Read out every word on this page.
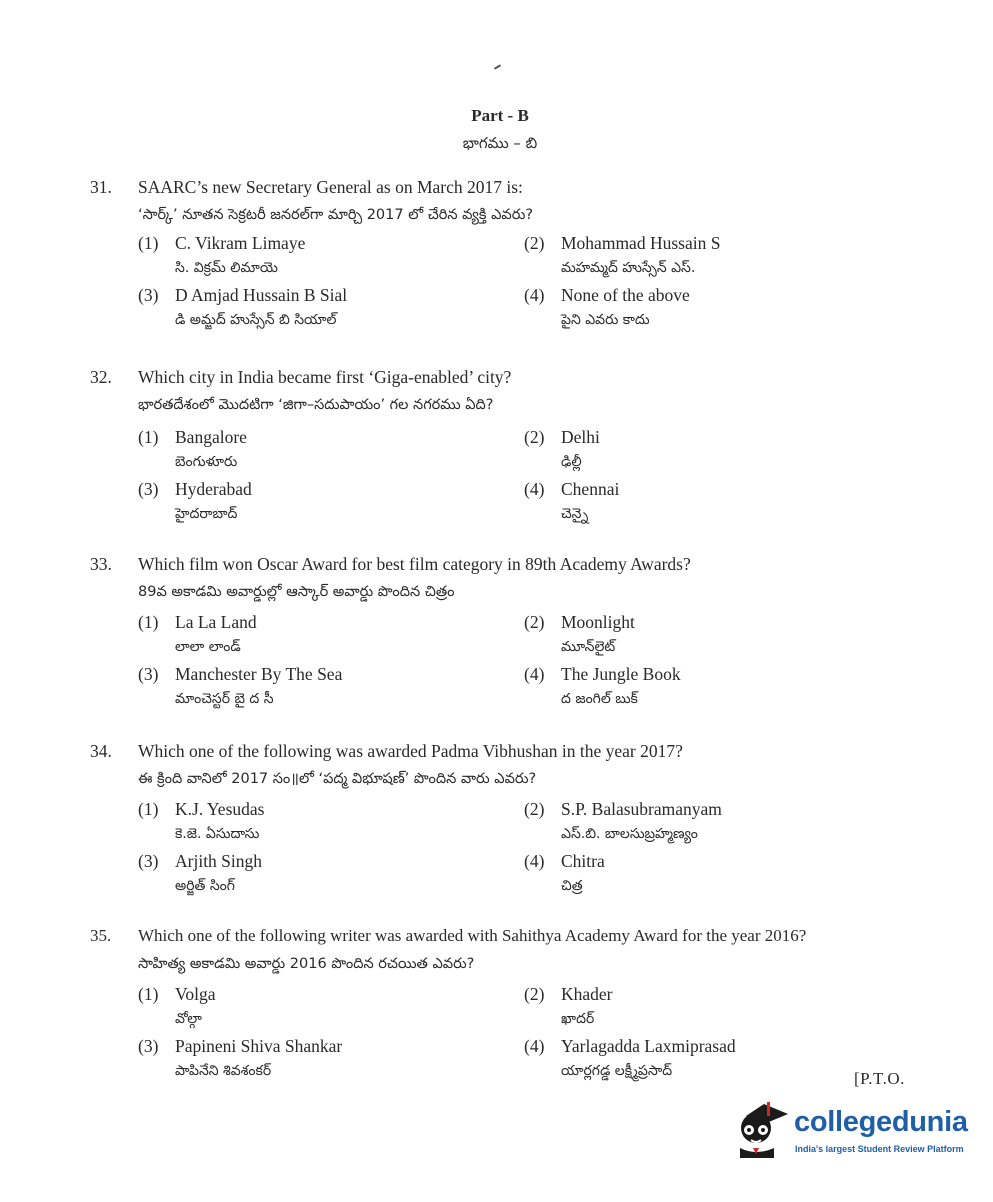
Part - B
భాగము – బి
31.	SAARC’s new Secretary General as on March 2017 is:
‘సార్క్’ నూతన సెక్రటరీ జనరల్‌గా మార్చి 2017 లో చేరిన వ్యక్తి ఎవరు?
(1) C. Vikram Limaye
సి. విక్రమ్ లిమాయె
(2) Mohammad Hussain S
మహమ్మద్ హుస్సేన్ ఎస్.
(3) D Amjad Hussain B Sial
డి అమ్జద్ హుస్సేన్ బి సియాల్
(4) None of the above
పైని ఎవరు కాదు
32.	Which city in India became first ‘Giga-enabled’ city?
భారతదేశంలో మొదటిగా ‘జిగా–సదుపాయం’ గల నగరము ఏది?
(1) Bangalore
బెంగుళూరు
(2) Delhi
ఢిల్లీ
(3) Hyderabad
హైదరాబాద్
(4) Chennai
చెన్నై
33.	Which film won Oscar Award for best film category in 89th Academy Awards?
89వ అకాడమి అవార్డుల్లో ఆస్కార్ అవార్డు పొందిన చిత్రం
(1) La La Land
లాలా లాండ్
(2) Moonlight
మూన్‌లైట్
(3) Manchester By The Sea
మాంచెస్టర్ బై ద సీ
(4) The Jungle Book
ద జంగిల్ బుక్
34.	Which one of the following was awarded Padma Vibhushan in the year 2017?
ఈ క్రింది వానిలో 2017 సం॥లో ‘పద్మ విభూషణ్’ పొందిన వారు ఎవరు?
(1) K.J. Yesudas
కె.జె. ఏసుదాసు
(2) S.P. Balasubramanyam
ఎస్.బి. బాలసుబ్రహ్మణ్యం
(3) Arjith Singh
అర్జిత్ సింగ్
(4) Chitra
చిత్ర
35.	Which one of the following writer was awarded with Sahithya Academy Award for the year 2016?
సాహిత్య అకాడమి అవార్డు 2016 పొందిన రచయిత ఎవరు?
(1) Volga
వోల్గా
(2) Khader
ఖాదర్
(3) Papineni Shiva Shankar
పాపినేని శివశంకర్
(4) Yarlagadda Laxmiprasad
యార్లగడ్డ లక్ష్మీప్రసాద్	[P.T.O.
collegedunia
India's largest Student Review Platform
